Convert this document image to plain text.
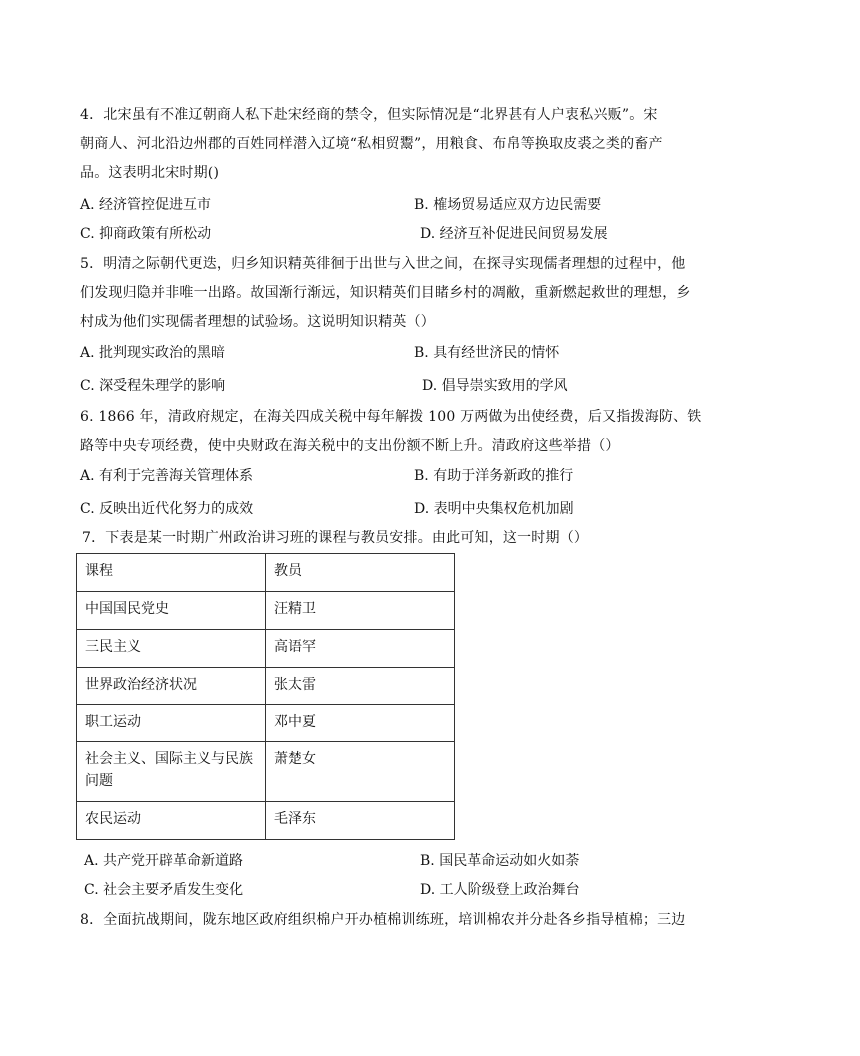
4．北宋虽有不准辽朝商人私下赴宋经商的禁令，但实际情况是“北界甚有人户衷私兴贩”。宋
朝商人、河北沿边州郡的百姓同样潜入辽境“私相贸鬻”，用粮食、布帛等换取皮裘之类的畜产
品。这表明北宋时期()
A. 经济管控促进互市	B. 榷场贸易适应双方边民需要
C. 抑商政策有所松动	D. 经济互补促进民间贸易发展
5．明清之际朝代更迭，归乡知识精英徘徊于出世与入世之间，在探寻实现儒者理想的过程中，他
们发现归隐并非唯一出路。故国渐行渐远，知识精英们目睹乡村的凋敝，重新燃起救世的理想，乡
村成为他们实现儒者理想的试验场。这说明知识精英（）
A. 批判现实政治的黑暗	B. 具有经世济民的情怀
C. 深受程朱理学的影响	D. 倡导崇实致用的学风
6. 1866 年，清政府规定，在海关四成关税中每年解拨 100 万两做为出使经费，后又指拨海防、铁
路等中央专项经费，使中央财政在海关税中的支出份额不断上升。清政府这些举措（）
A. 有利于完善海关管理体系	B. 有助于洋务新政的推行
C. 反映出近代化努力的成效	D. 表明中央集权危机加剧
7．下表是某一时期广州政治讲习班的课程与教员安排。由此可知，这一时期（）
课程	教员
中国国民党史	汪精卫
三民主义	高语罕
世界政治经济状况	张太雷
职工运动	邓中夏
社会主义、国际主义与民族问题	萧楚女
农民运动	毛泽东
A. 共产党开辟革命新道路	B. 国民革命运动如火如荼
C. 社会主要矛盾发生变化	D. 工人阶级登上政治舞台
8．全面抗战期间，陇东地区政府组织棉户开办植棉训练班，培训棉农并分赴各乡指导植棉；三边
